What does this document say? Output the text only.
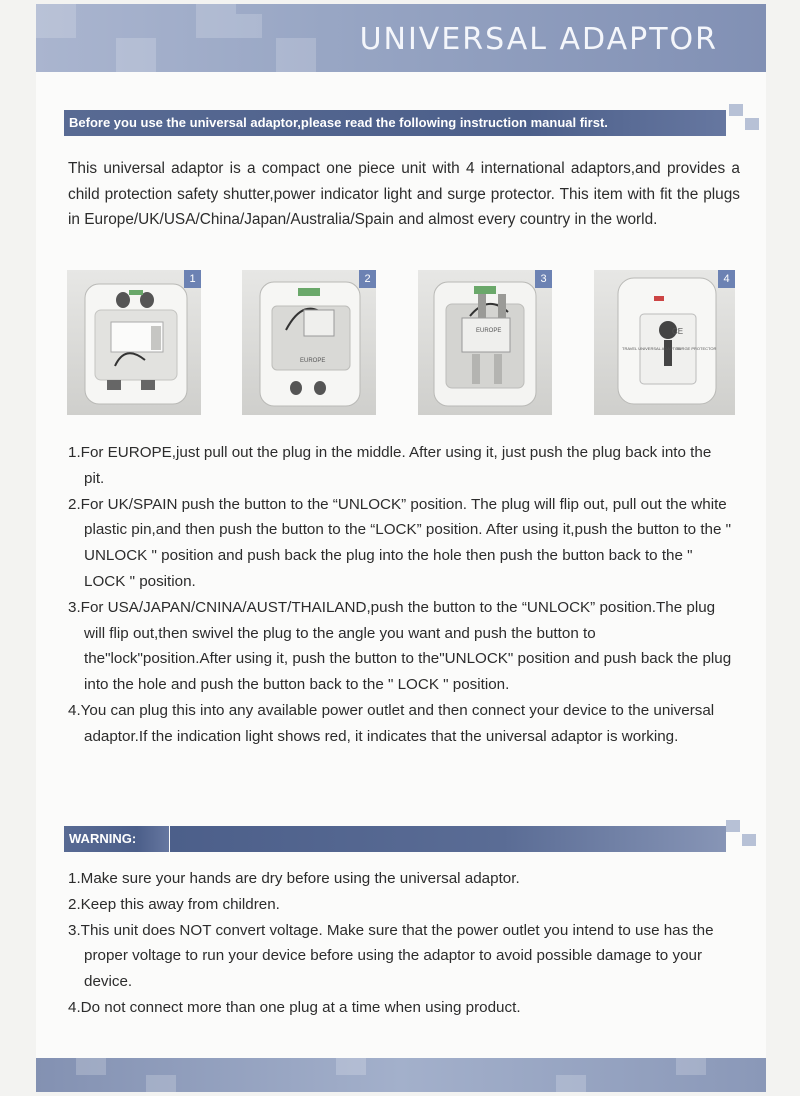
UNIVERSAL ADAPTOR
Before you use the universal adaptor,please read the following instruction manual first.
This universal adaptor is a compact one piece unit with 4 international adaptors,and provides a child protection safety shutter,power indicator light and surge protector. This item with fit the plugs in Europe/UK/USA/China/Japan/Australia/Spain and almost every country in the world.
1
EUROPE
2
EUROPE
3
CE
TRAVEL UNIVERSAL ADAPTOR
SURGE PROTECTOR
4
1.For EUROPE,just pull out the plug in the middle. After using it, just push the plug back into the pit.
2.For UK/SPAIN push the button to the “UNLOCK” position. The plug will flip out, pull out the white plastic pin,and then push the button to the “LOCK” position. After using it,push the button to the " UNLOCK " position and push back the plug into the hole then push the button back to the " LOCK " position.
3.For USA/JAPAN/CNINA/AUST/THAILAND,push the button to the “UNLOCK” position.The plug will flip out,then swivel the plug to the angle you want and push the button to the"lock"position.After using it, push the button to the"UNLOCK" position and push back the plug into the hole and push the button back to the " LOCK " position.
4.You can plug this into any available power outlet and then connect your device to the universal adaptor.If the indication light shows red, it indicates that the universal adaptor is working.
WARNING:
1.Make sure your hands are dry before using the universal adaptor.
2.Keep this away from children.
3.This unit does NOT convert voltage. Make sure that the power outlet you intend to use has the proper voltage to run your device before using the adaptor to avoid possible damage to your device.
4.Do not connect more than one plug at a time when using product.
